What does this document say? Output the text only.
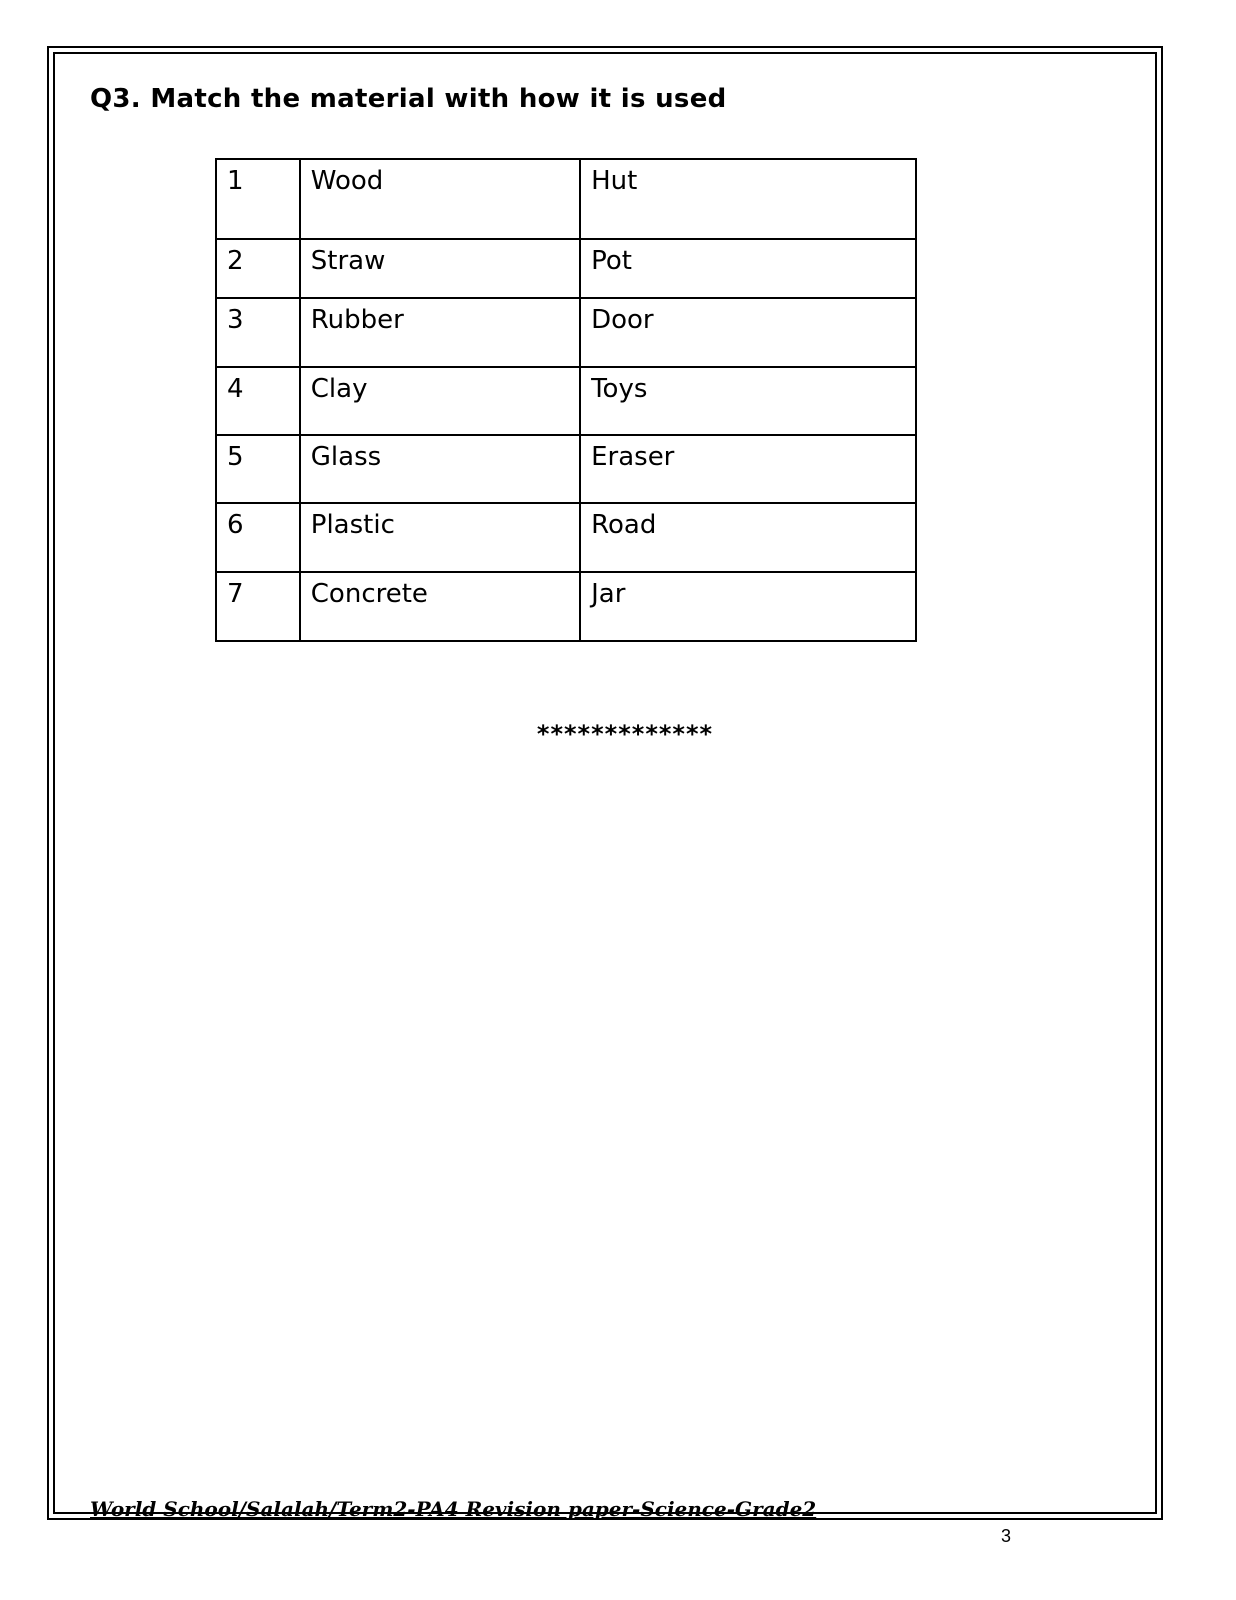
Q3. Match the material with how it is used
1	Wood	Hut
2	Straw	Pot
3	Rubber	Door
4	Clay	Toys
5	Glass	Eraser
6	Plastic	Road
7	Concrete	Jar
*************
World School/Salalah/Term2-PA4 Revision paper-Science-Grade2
3
